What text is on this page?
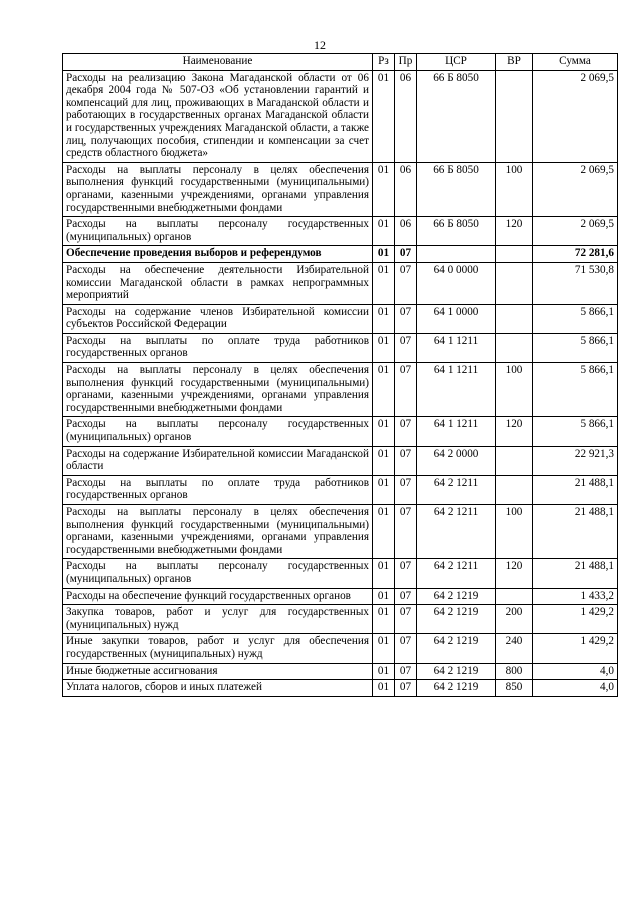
12
Наименование	Рз	Пр	ЦСР	ВР	Сумма
Расходы на реализацию Закона Магаданской области от 06 декабря 2004 года № 507-ОЗ «Об установлении гарантий и компенсаций для лиц, проживающих в Магаданской области и работающих в государственных органах Магаданской области и государственных учреждениях Магаданской области, а также лиц, получающих пособия, стипендии и компенсации за счет средств областного бюджета»	01	06	66 Б 8050		2 069,5
Расходы на выплаты персоналу в целях обеспечения выполнения функций государственными (муниципальными) органами, казенными учреждениями, органами управления государственными внебюджетными фондами	01	06	66 Б 8050	100	2 069,5
Расходы на выплаты персоналу государственных (муниципальных) органов	01	06	66 Б 8050	120	2 069,5
Обеспечение проведения выборов и референдумов	01	07			72 281,6
Расходы на обеспечение деятельности Избирательной комиссии Магаданской области в рамках непрограммных мероприятий	01	07	64 0 0000		71 530,8
Расходы на содержание членов Избирательной комиссии субъектов Российской Федерации	01	07	64 1 0000		5 866,1
Расходы на выплаты по оплате труда работников государственных органов	01	07	64 1 1211		5 866,1
Расходы на выплаты персоналу в целях обеспечения выполнения функций государственными (муниципальными) органами, казенными учреждениями, органами управления государственными внебюджетными фондами	01	07	64 1 1211	100	5 866,1
Расходы на выплаты персоналу государственных (муниципальных) органов	01	07	64 1 1211	120	5 866,1
Расходы на содержание Избирательной комиссии Магаданской области	01	07	64 2 0000		22 921,3
Расходы на выплаты по оплате труда работников государственных органов	01	07	64 2 1211		21 488,1
Расходы на выплаты персоналу в целях обеспечения выполнения функций государственными (муниципальными) органами, казенными учреждениями, органами управления государственными внебюджетными фондами	01	07	64 2 1211	100	21 488,1
Расходы на выплаты персоналу государственных (муниципальных) органов	01	07	64 2 1211	120	21 488,1
Расходы на обеспечение функций государственных органов	01	07	64 2 1219		1 433,2
Закупка товаров, работ и услуг для государственных (муниципальных) нужд	01	07	64 2 1219	200	1 429,2
Иные закупки товаров, работ и услуг для обеспечения государственных (муниципальных) нужд	01	07	64 2 1219	240	1 429,2
Иные бюджетные ассигнования	01	07	64 2 1219	800	4,0
Уплата налогов, сборов и иных платежей	01	07	64 2 1219	850	4,0
